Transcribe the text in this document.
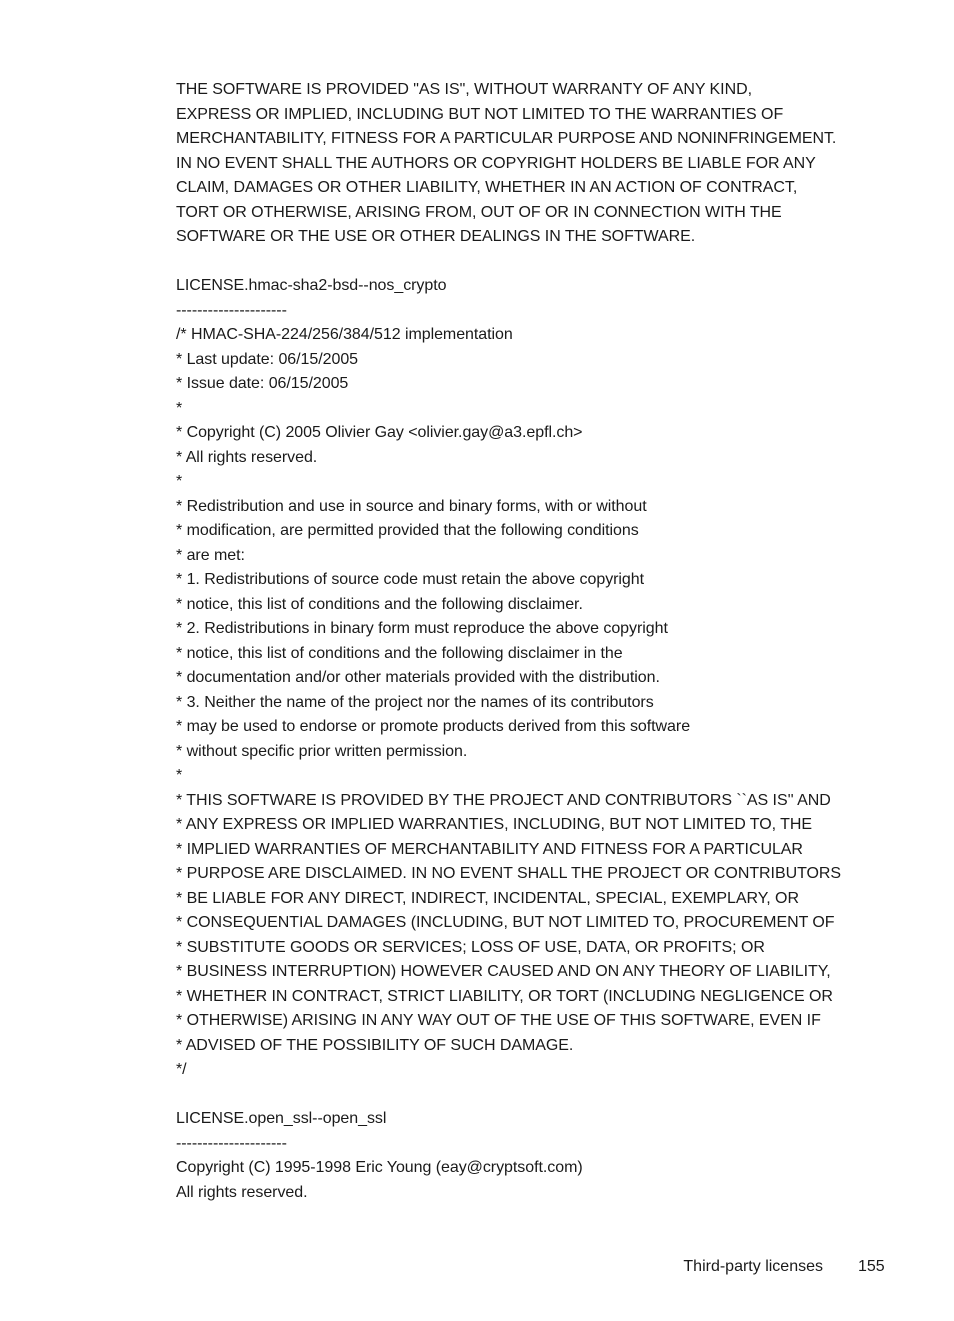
THE SOFTWARE IS PROVIDED "AS IS", WITHOUT WARRANTY OF ANY KIND,
EXPRESS OR IMPLIED, INCLUDING BUT NOT LIMITED TO THE WARRANTIES OF
MERCHANTABILITY, FITNESS FOR A PARTICULAR PURPOSE AND NONINFRINGEMENT.
IN NO EVENT SHALL THE AUTHORS OR COPYRIGHT HOLDERS BE LIABLE FOR ANY
CLAIM, DAMAGES OR OTHER LIABILITY, WHETHER IN AN ACTION OF CONTRACT,
TORT OR OTHERWISE, ARISING FROM, OUT OF OR IN CONNECTION WITH THE
SOFTWARE OR THE USE OR OTHER DEALINGS IN THE SOFTWARE.
LICENSE.hmac-sha2-bsd--nos_crypto
---------------------
/* HMAC-SHA-224/256/384/512 implementation
* Last update: 06/15/2005
* Issue date: 06/15/2005
*
* Copyright (C) 2005 Olivier Gay <olivier.gay@a3.epfl.ch>
* All rights reserved.
*
* Redistribution and use in source and binary forms, with or without
* modification, are permitted provided that the following conditions
* are met:
* 1. Redistributions of source code must retain the above copyright
* notice, this list of conditions and the following disclaimer.
* 2. Redistributions in binary form must reproduce the above copyright
* notice, this list of conditions and the following disclaimer in the
* documentation and/or other materials provided with the distribution.
* 3. Neither the name of the project nor the names of its contributors
* may be used to endorse or promote products derived from this software
* without specific prior written permission.
*
* THIS SOFTWARE IS PROVIDED BY THE PROJECT AND CONTRIBUTORS ``AS IS'' AND
* ANY EXPRESS OR IMPLIED WARRANTIES, INCLUDING, BUT NOT LIMITED TO, THE
* IMPLIED WARRANTIES OF MERCHANTABILITY AND FITNESS FOR A PARTICULAR
* PURPOSE ARE DISCLAIMED. IN NO EVENT SHALL THE PROJECT OR CONTRIBUTORS
* BE LIABLE FOR ANY DIRECT, INDIRECT, INCIDENTAL, SPECIAL, EXEMPLARY, OR
* CONSEQUENTIAL DAMAGES (INCLUDING, BUT NOT LIMITED TO, PROCUREMENT OF
* SUBSTITUTE GOODS OR SERVICES; LOSS OF USE, DATA, OR PROFITS; OR
* BUSINESS INTERRUPTION) HOWEVER CAUSED AND ON ANY THEORY OF LIABILITY,
* WHETHER IN CONTRACT, STRICT LIABILITY, OR TORT (INCLUDING NEGLIGENCE OR
* OTHERWISE) ARISING IN ANY WAY OUT OF THE USE OF THIS SOFTWARE, EVEN IF
* ADVISED OF THE POSSIBILITY OF SUCH DAMAGE.
*/
LICENSE.open_ssl--open_ssl
---------------------
Copyright (C) 1995-1998 Eric Young (eay@cryptsoft.com)
All rights reserved.
Third-party licenses 155
